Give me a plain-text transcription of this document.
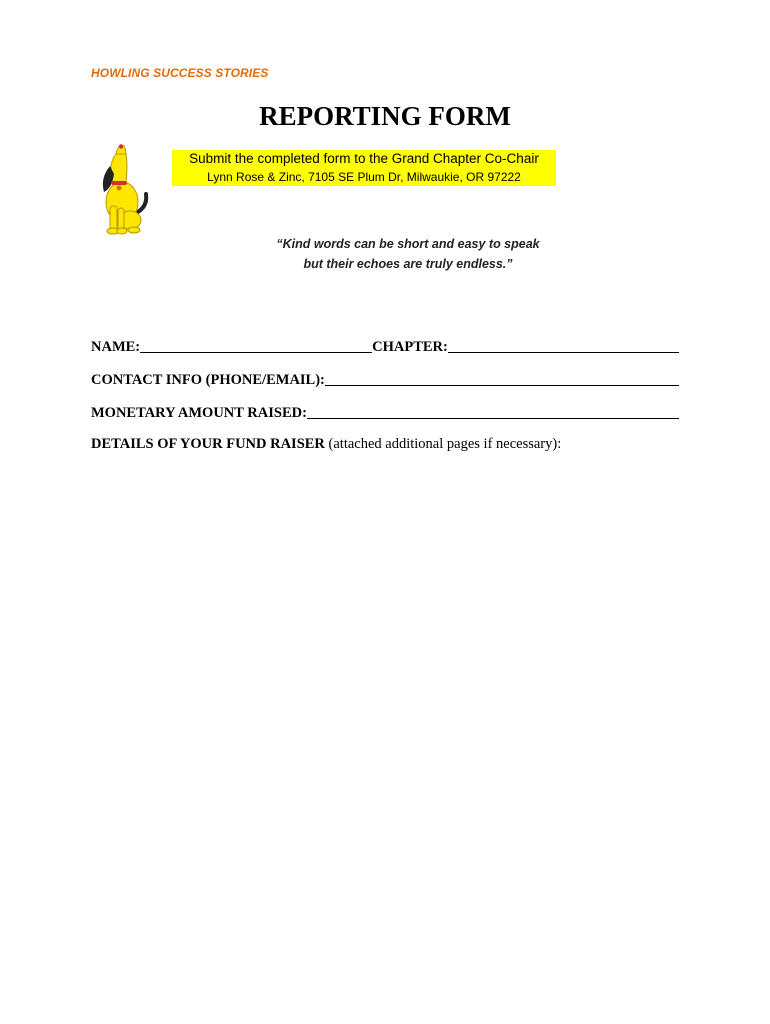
HOWLING SUCCESS STORIES
REPORTING FORM
Submit the completed form to the Grand Chapter Co-Chair
Lynn Rose & Zinc, 7105 SE Plum Dr, Milwaukie, OR 97222
“Kind words can be short and easy to speak
but their echoes are truly endless.”
NAME:	CHAPTER:
CONTACT INFO (PHONE/EMAIL):
MONETARY AMOUNT RAISED:
DETAILS OF YOUR FUND RAISER (attached additional pages if necessary):
